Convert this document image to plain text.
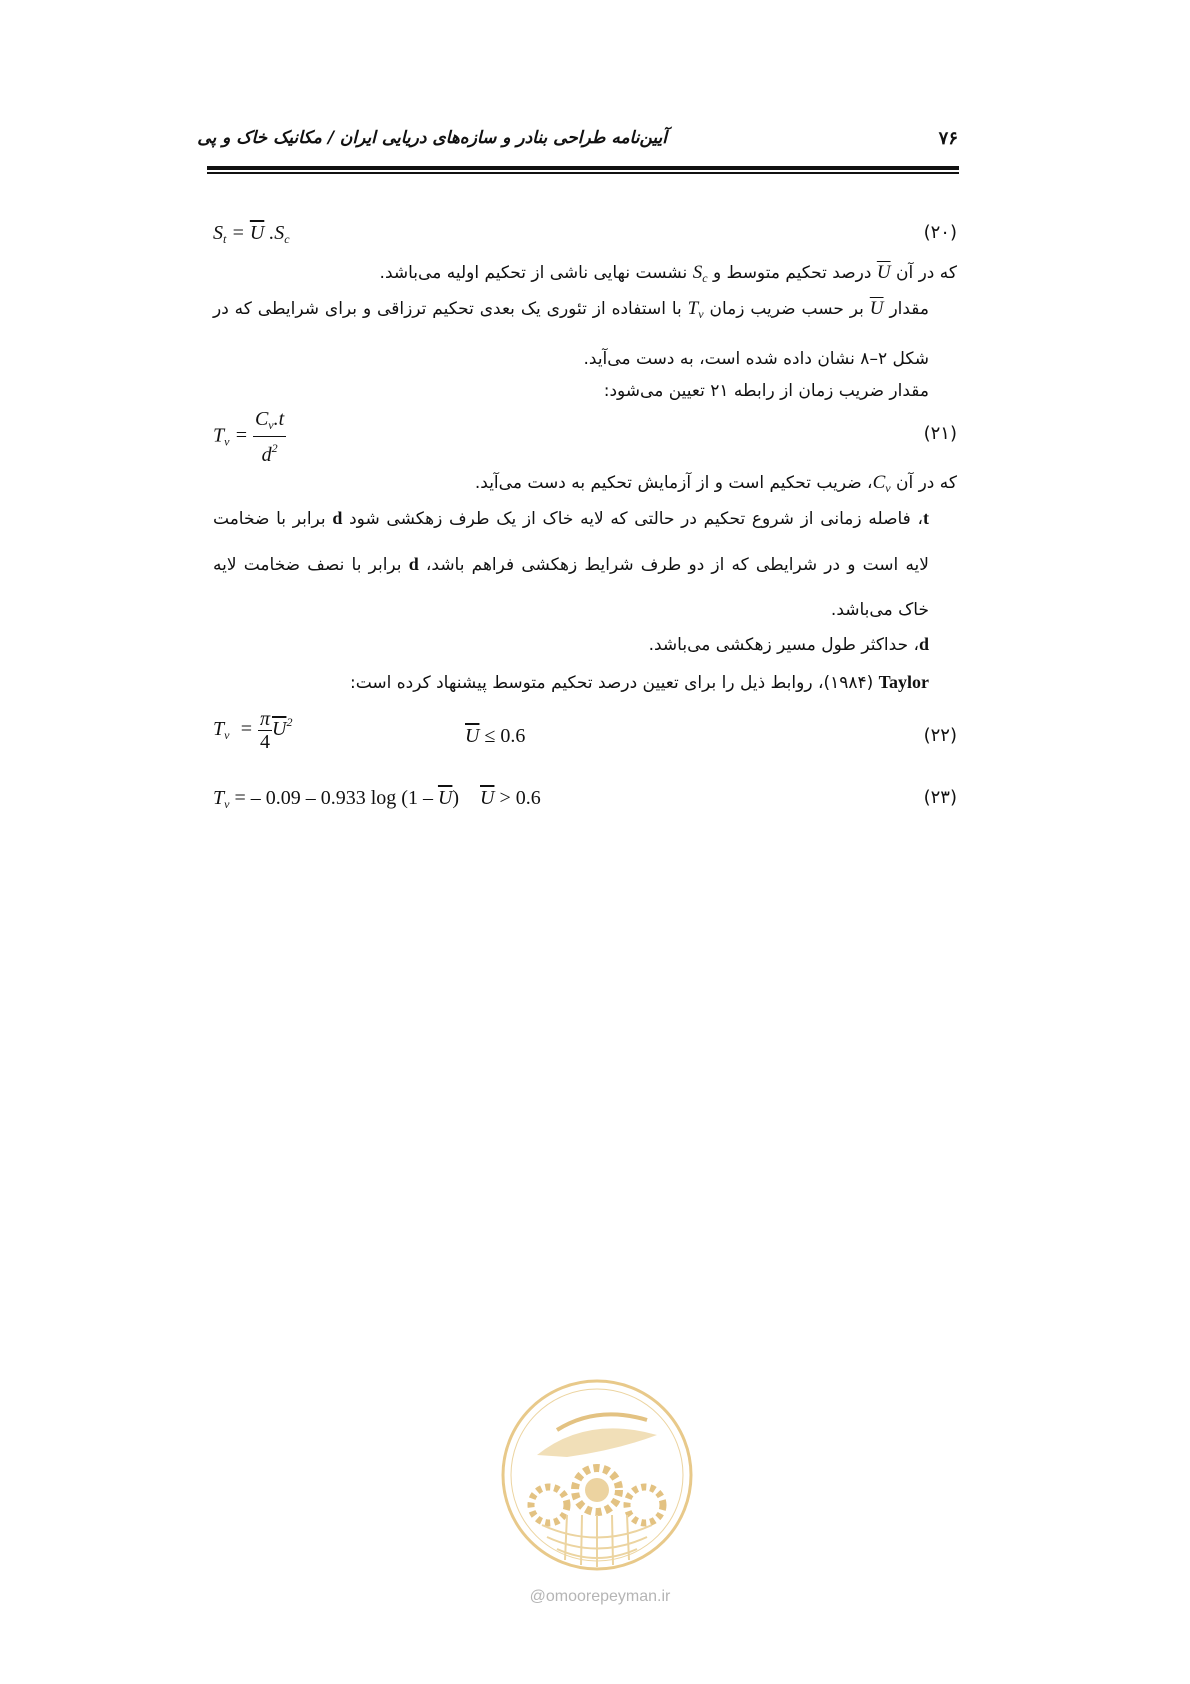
آیین‌نامه طراحی بنادر و سازه‌های دریایی ایران / مکانیک خاک و پی	۷۶
$S_t = \overline{U}$ $.S_c$	(۲۰)
که در آن $\overline{U}$ درصد تحکیم متوسط و $S_c$ نشست نهایی ناشی از تحکیم اولیه می‌باشد.
مقدار $\overline{U}$ بر حسب ضریب زمان $T_v$ با استفاده از تئوری یک بعدی تحکیم ترزاقی و برای شرایطی که در شکل ۲–۸ نشان داده شده است، به دست می‌آید.
مقدار ضریب زمان از رابطه ۲۱ تعیین می‌شود:
$T_v = \frac{C_v.t}{d^2}$	(۲۱)
که در آن $C_v،$ ضریب تحکیم است و از آزمایش تحکیم به دست می‌آید.
t، فاصله زمانی از شروع تحکیم در حالتی که لایه خاک از یک طرف زهکشی شود d برابر با ضخامت لایه است و در شرایطی که از دو طرف شرایط زهکشی فراهم باشد، d برابر با نصف ضخامت لایه خاک می‌باشد.
d، حداکثر طول مسیر زهکشی می‌باشد.
Taylor (۱۹۸۴)، روابط ذیل را برای تعیین درصد تحکیم متوسط پیشنهاد کرده است:
$T_v = \frac{\pi}{4} \overline{U}^2$
$\overline{U} \le 0.6$	(۲۲)
$T_v$ = – 0.09 – 0.933 $\log (1 - \overline{U})$ $\overline{U} > 0.6$	(۲۳)
@omoorepeyman.ir
